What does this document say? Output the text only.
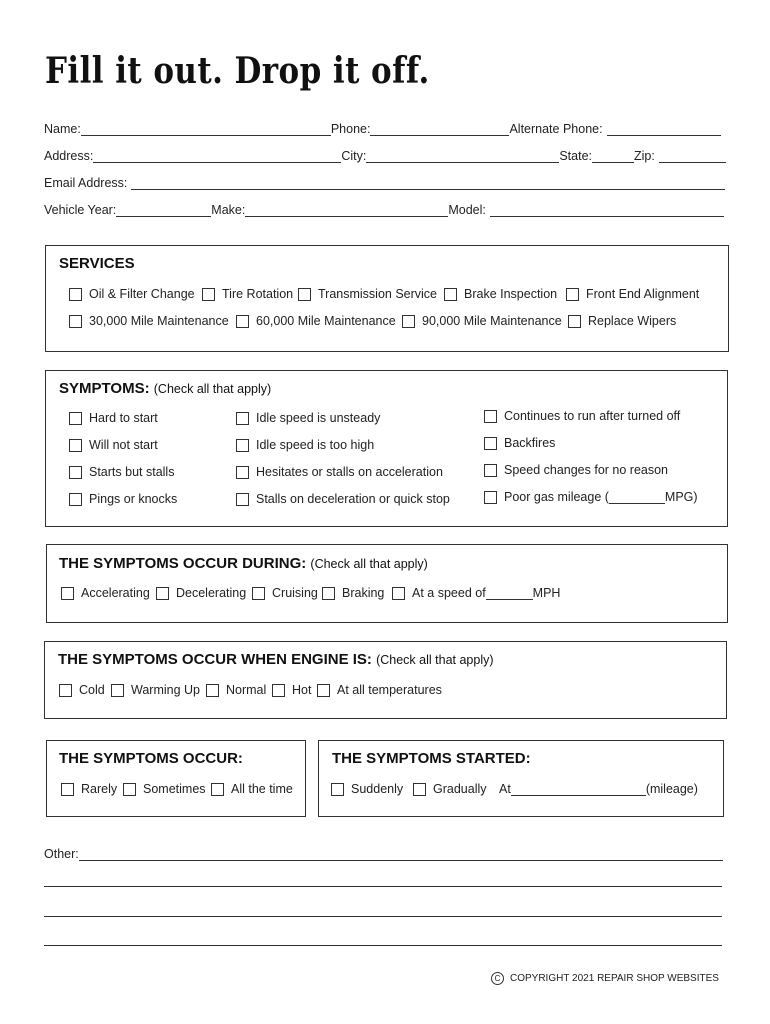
Fill it out. Drop it off.
Name:	Phone:	Alternate Phone:
Address:	City:	State:	Zip:
Email Address:
Vehicle Year:	Make:	Model:
SERVICES
Oil & Filter Change Tire Rotation Transmission Service Brake Inspection Front End Alignment
30,000 Mile Maintenance 60,000 Mile Maintenance 90,000 Mile Maintenance Replace Wipers
SYMPTOMS: (Check all that apply)
Hard to start
Will not start
Starts but stalls
Pings or knocks
Idle speed is unsteady
Idle speed is too high
Hesitates or stalls on acceleration
Stalls on deceleration or quick stop
Continues to run after turned off
Backfires
Speed changes for no reason
Poor gas mileage (	MPG)
THE SYMPTOMS OCCUR DURING: (Check all that apply)
Accelerating Decelerating Cruising Braking At a speed of	MPH
THE SYMPTOMS OCCUR WHEN ENGINE IS: (Check all that apply)
Cold Warming Up Normal Hot At all temperatures
THE SYMPTOMS OCCUR:
Rarely Sometimes All the time
THE SYMPTOMS STARTED:
Suddenly Gradually At	(mileage)
Other:
C COPYRIGHT 2021 REPAIR SHOP WEBSITES
